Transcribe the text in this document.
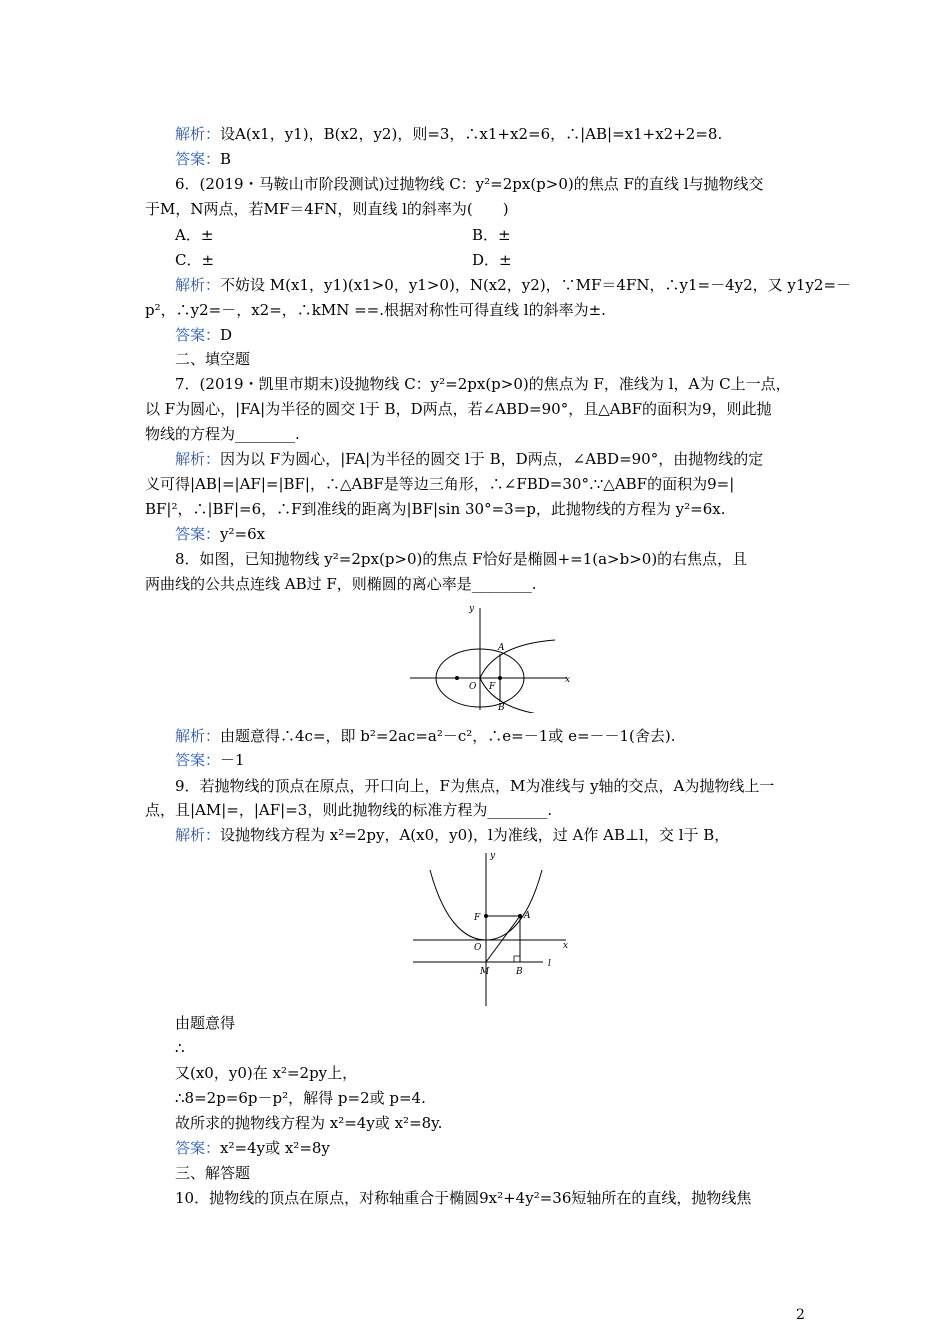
解析：设A(x1，y1)，B(x2，y2)，则=3，∴x1+x2=6，∴|AB|=x1+x2+2=8.
答案：B
6．(2019・马鞍山市阶段测试)过抛物线 C：y²=2px(p>0)的焦点 F的直线 l与抛物线交
于M，N两点，若MF＝4FN，则直线 l的斜率为(　　)
A．±	B．±
C．±	D．±
解析：不妨设 M(x1，y1)(x1>0，y1>0)，N(x2，y2)，∵MF＝4FN，∴y1=－4y2，又 y1y2=－
p²，∴y2=－，x2=，∴kMN ==.根据对称性可得直线 l的斜率为±.
答案：D
二、填空题
7．(2019・凯里市期末)设抛物线 C：y²=2px(p>0)的焦点为 F，准线为 l，A为 C上一点，
以 F为圆心，|FA|为半径的圆交 l于 B，D两点，若∠ABD=90°，且△ABF的面积为9，则此抛
物线的方程为________.
解析：因为以 F为圆心，|FA|为半径的圆交 l于 B，D两点，∠ABD=90°，由抛物线的定
义可得|AB|=|AF|=|BF|，∴△ABF是等边三角形，∴∠FBD=30°.∵△ABF的面积为9=|
BF|²，∴|BF|=6，∴F到准线的距离为|BF|sin 30°=3=p，此抛物线的方程为 y²=6x.
答案：y²=6x
8．如图，已知抛物线 y²=2px(p>0)的焦点 F恰好是椭圆+=1(a>b>0)的右焦点，且
两曲线的公共点连线 AB过 F，则椭圆的离心率是________.
y
x
O F
A
B
解析：由题意得∴4c=，即 b²=2ac=a²－c²，∴e=－1或 e=－－1(舍去).
答案：－1
9．若抛物线的顶点在原点，开口向上，F为焦点，M为准线与 y轴的交点，A为抛物线上一
点，且|AM|=，|AF|=3，则此抛物线的标准方程为________.
解析：设抛物线方程为 x²=2py，A(x0，y0)，l为准线，过 A作 AB⊥l，交 l于 B，
y
x
O
F	A
M	B
l
由题意得
∴
又(x0，y0)在 x²=2py上，
∴8=2p=6p－p²，解得 p=2或 p=4.
故所求的抛物线方程为 x²=4y或 x²=8y.
答案：x²=4y或 x²=8y
三、解答题
10．抛物线的顶点在原点，对称轴重合于椭圆9x²+4y²=36短轴所在的直线，抛物线焦
2
